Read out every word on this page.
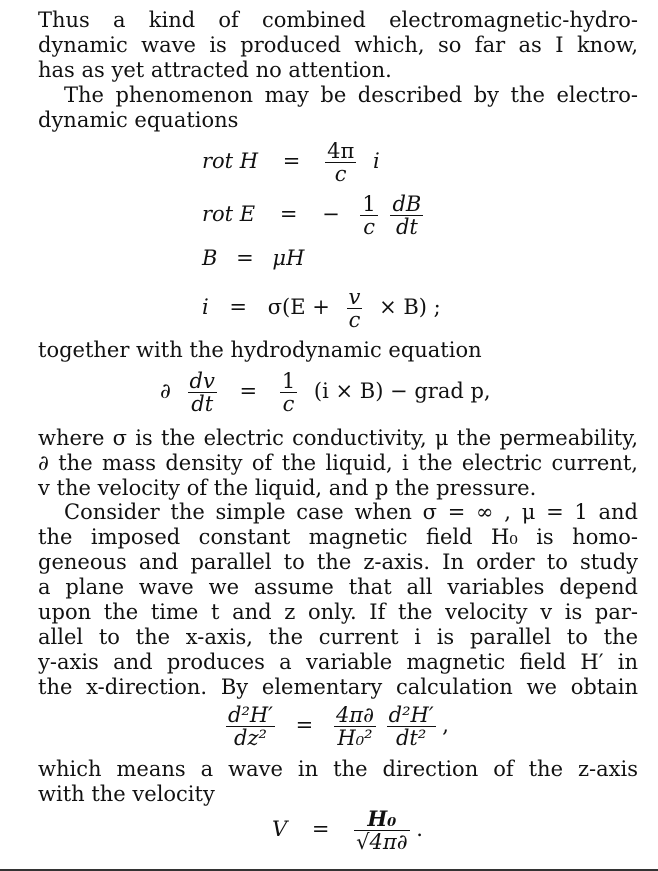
Thus a kind of combined electromagnetic-hydro-
dynamic wave is produced which, so far as I know,
has as yet attracted no attention.
The phenomenon may be described by the electro-
dynamic equations
rot $H = \frac{4\pi}{c}$ i
rot E = − $\frac{1}{c}$
$\frac{dB}{dt}$
B = μH
$i = \sigma(E + \frac{v}{c} \times B)$ ;
together with the hydrodynamic equation
∂ $\frac{dv}{dt} = \frac{1}{c} (i \times B)$ − grad p,
where σ is the electric conductivity, μ the permeability,
∂ the mass density of the liquid, i the electric current,
v the velocity of the liquid, and p the pressure.
Consider the simple case when σ = ∞ , μ = 1 and
the imposed constant magnetic field H₀ is homo-
geneous and parallel to the z-axis. In order to study
a plane wave we assume that all variables depend
upon the time t and z only. If the velocity v is par-
allel to the x-axis, the current i is parallel to the
y-axis and produces a variable magnetic field H′ in
the x-direction. By elementary calculation we obtain
$\frac{\text{d²H′}}{\text{dz²}} = \frac{4\pi\partial}{\text{H₀²}}$
$\frac{\text{d²H′}}{\text{dt²}}$ ,
which means a wave in the direction of the z-axis
with the velocity
$V = \frac{\text{H₀}}{√4\pi\partial}$ .
